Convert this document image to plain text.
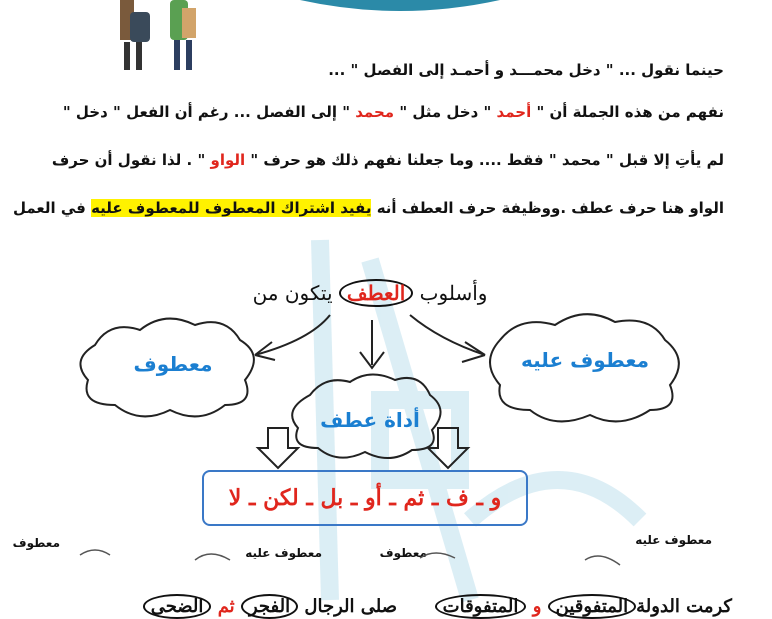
حينما نقول ... " دخل محمـــد و أحمـد إلى الفصل " ...
نفهم من هذه الجملة أن " أحمد " دخل مثل " محمد " إلى الفصل ... رغم أن الفعل " دخل "
لم يأتِ إلا قبل " محمد " فقط .... وما جعلنا نفهم ذلك هو حرف " الواو " . لذا نقول أن حرف
الواو هنا حرف عطف .ووظيفة حرف العطف أنه يفيد اشتراك المعطوف للمعطوف عليه في العمل
وأسلوب العطف يتكون من
معطوف	معطوف عليه
أداة عطف
و ـ ف ـ ثم ـ أو ـ بل ـ لكن ـ لا
معطوف عليه
معطوف
معطوف عليه
معطوف
كرمت الدولةالمتفوقين و المتفوقات      صلى الرجال الفجر ثم الضحى
